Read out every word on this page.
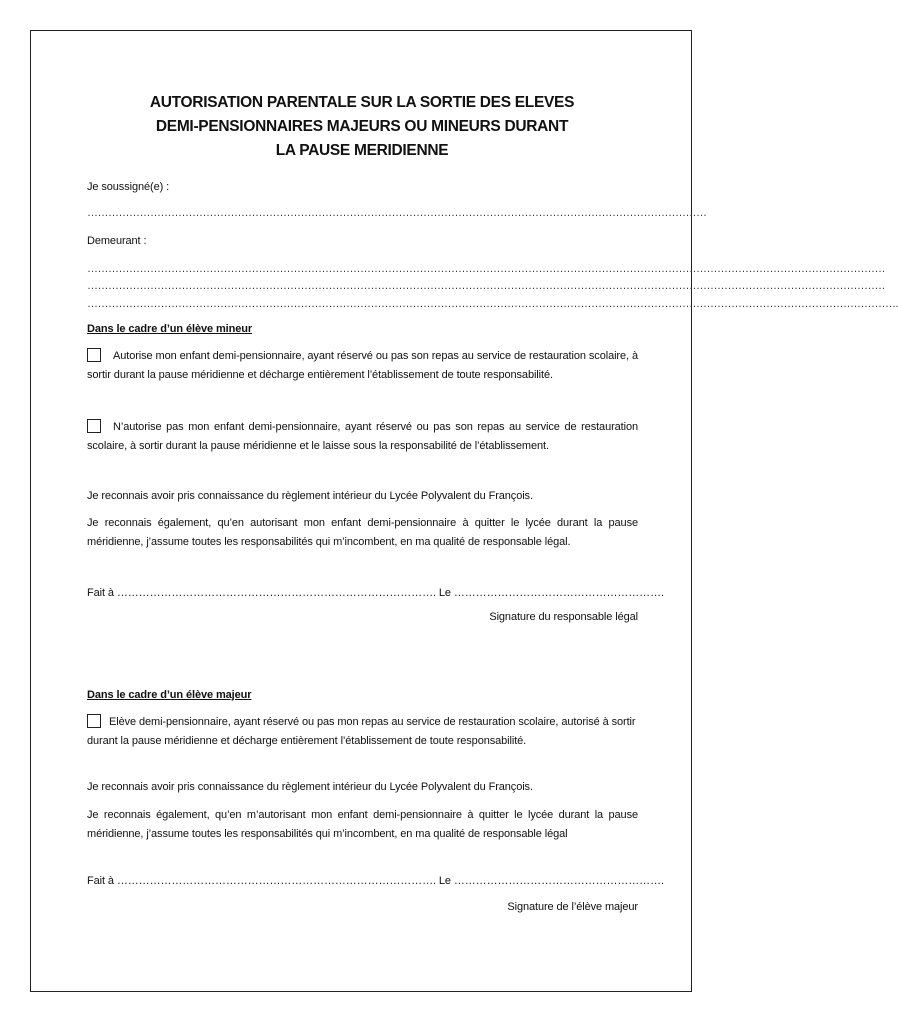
AUTORISATION PARENTALE SUR LA SORTIE DES ELEVES
DEMI-PENSIONNAIRES MAJEURS OU MINEURS DURANT
LA PAUSE MERIDIENNE
Je soussigné(e) :
……………………………………………………………………………………………………………………………………………………………
Demeurant :
…………………………………………………………………………………………………………………………………………………………………………………………………………
…………………………………………………………………………………………………………………………………………………………………………………………………………
…………………………………………………………………………………………………………………………………………………………………………………………………………….
Dans le cadre d’un élève mineur
Autorise mon enfant demi-pensionnaire, ayant réservé ou pas son repas au service de restauration scolaire, à sortir durant la pause méridienne et décharge entièrement l’établissement de toute responsabilité.
N’autorise pas mon enfant demi-pensionnaire, ayant réservé ou pas son repas au service de restauration scolaire, à sortir durant la pause méridienne et le laisse sous la responsabilité de l’établissement.
Je reconnais avoir pris connaissance du règlement intérieur du Lycée Polyvalent du François.
Je reconnais également, qu’en autorisant mon enfant demi-pensionnaire à quitter le lycée durant la pause méridienne, j’assume toutes les responsabilités qui m’incombent, en ma qualité de responsable légal.
Fait à ……………………………………………………………………………. Le ………………………………………………….
Signature du responsable légal
Dans le cadre d’un élève majeur
Elève demi-pensionnaire, ayant réservé ou pas mon repas au service de restauration scolaire, autorisé à sortir durant la pause méridienne et décharge entièrement l’établissement de toute responsabilité.
Je reconnais avoir pris connaissance du règlement intérieur du Lycée Polyvalent du François.
Je reconnais également, qu’en m’autorisant mon enfant demi-pensionnaire à quitter le lycée durant la pause méridienne, j’assume toutes les responsabilités qui m’incombent, en ma qualité de responsable légal
Fait à ……………………………………………………………………………. Le ………………………………………………….
Signature de l’élève majeur
